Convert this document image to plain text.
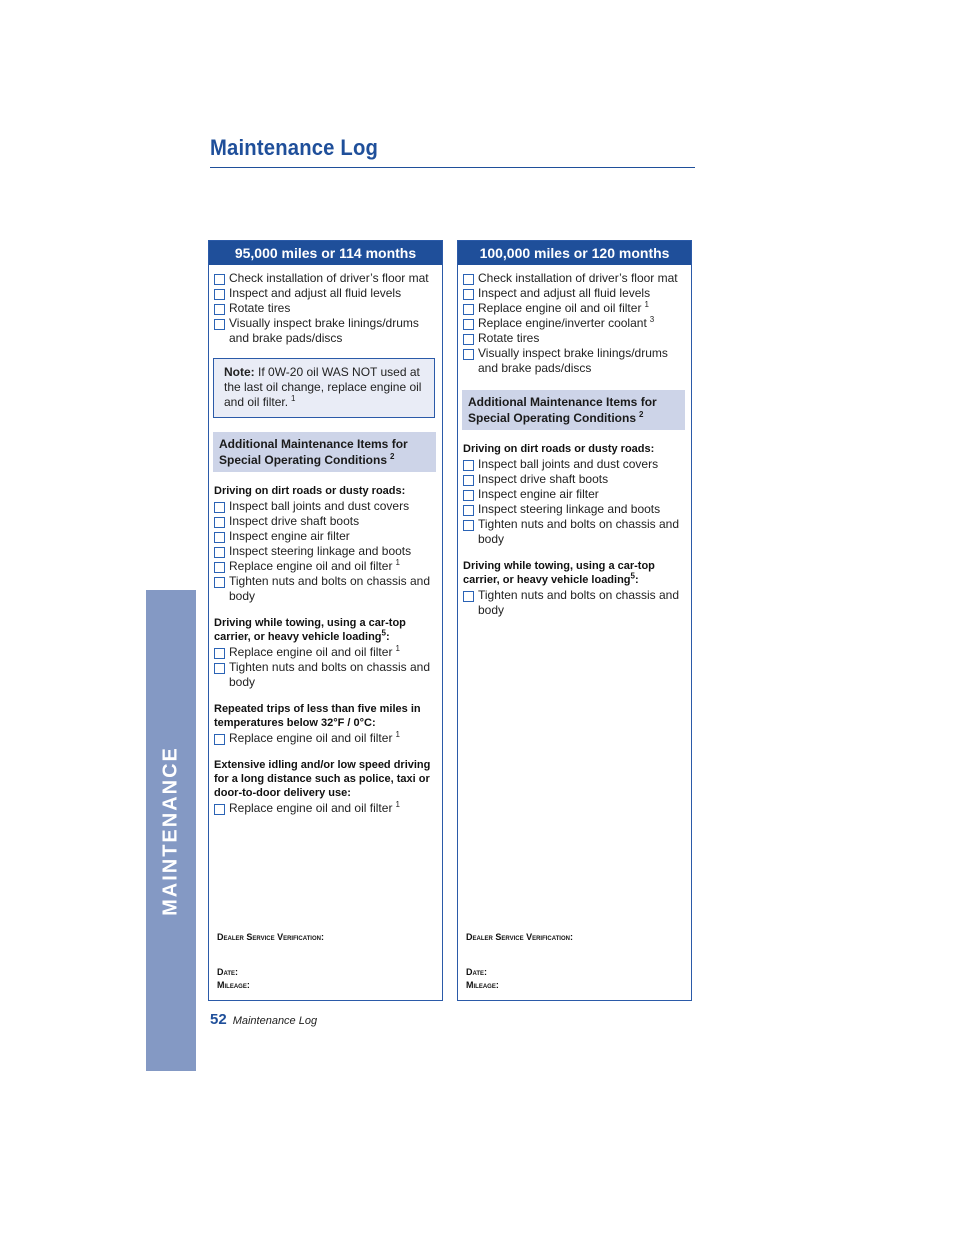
MAINTENANCE
Maintenance Log
95,000 miles or 114 months
Check installation of driver’s floor mat
Inspect and adjust all fluid levels
Rotate tires
Visually inspect brake linings/drums and brake pads/discs
Note: If 0W-20 oil WAS NOT used at the last oil change, replace engine oil and oil filter. $^1$
Additional Maintenance Items for Special Operating Conditions $^2$
Driving on dirt roads or dusty roads:
Inspect ball joints and dust covers
Inspect drive shaft boots
Inspect engine air filter
Inspect steering linkage and boots
Replace engine oil and oil filter $^1$
Tighten nuts and bolts on chassis and body
Driving while towing, using a car-top carrier, or heavy vehicle loading$^5$:
Replace engine oil and oil filter $^1$
Tighten nuts and bolts on chassis and body
Repeated trips of less than five miles in temperatures below 32°F / 0°C:
Replace engine oil and oil filter $^1$
Extensive idling and/or low speed driving for a long distance such as police, taxi or door-to-door delivery use:
Replace engine oil and oil filter $^1$
Dealer Service Verification:
Date:
Mileage:
100,000 miles or 120 months
Check installation of driver’s floor mat
Inspect and adjust all fluid levels
Replace engine oil and oil filter $^1$
Replace engine/inverter coolant $^3$
Rotate tires
Visually inspect brake linings/drums and brake pads/discs
Additional Maintenance Items for Special Operating Conditions $^2$
Driving on dirt roads or dusty roads:
Inspect ball joints and dust covers
Inspect drive shaft boots
Inspect engine air filter
Inspect steering linkage and boots
Tighten nuts and bolts on chassis and body
Driving while towing, using a car-top carrier, or heavy vehicle loading$^5$:
Tighten nuts and bolts on chassis and body
Dealer Service Verification:
Date:
Mileage:
52 Maintenance Log
